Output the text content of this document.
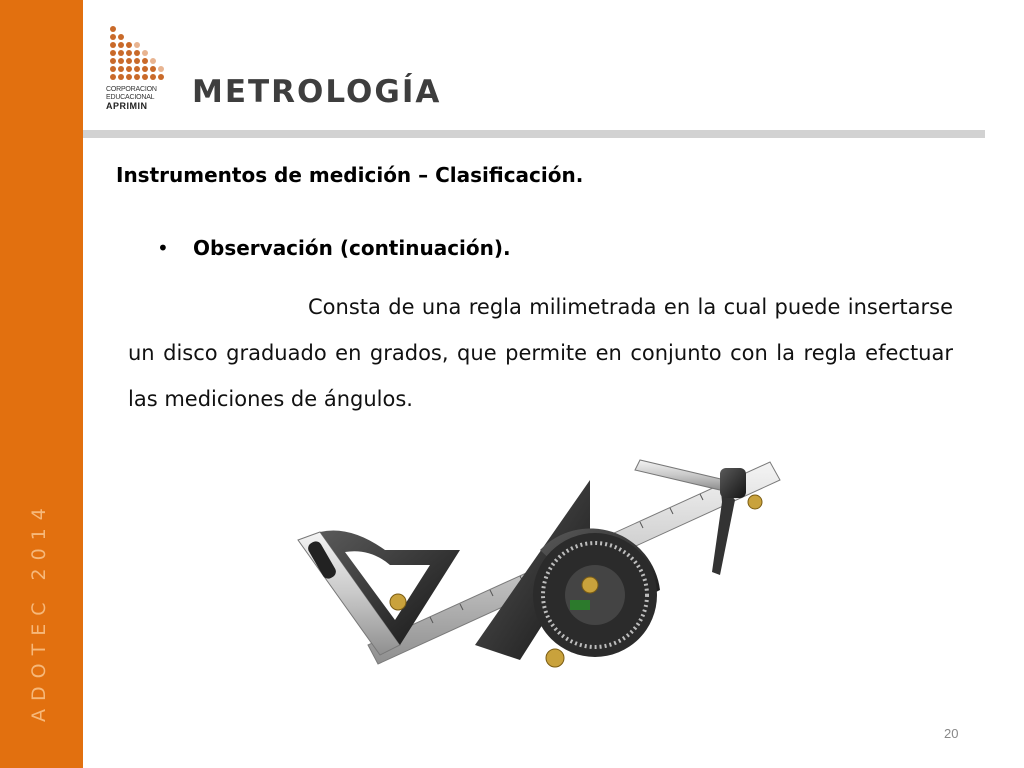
ADOTEC 2014
CORPORACION
EDUCACIONAL
APRIMIN	METROLOGÍA
Instrumentos de medición – Clasificación.
• Observación (continuación).
Consta de una regla milimetrada en la cual puede insertarse un disco graduado en grados, que permite en conjunto con la regla efectuar las mediciones de ángulos.
20
